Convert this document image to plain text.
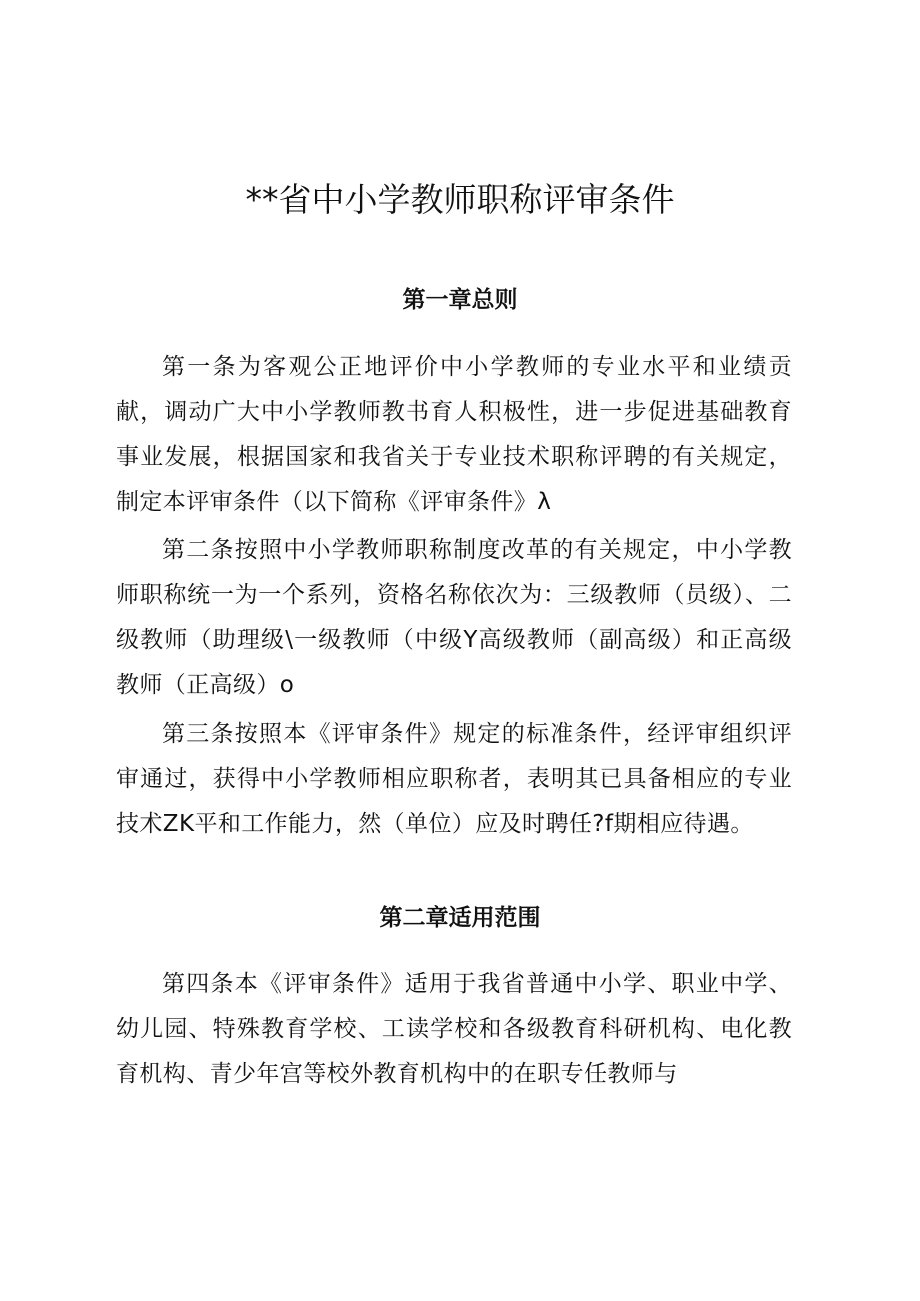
**省中小学教师职称评审条件
第一章总则

第一条为客观公正地评价中小学教师的专业水平和业绩贡献，调动广大中小学教师教书育人积极性，进一步促进基础教育事业发展，根据国家和我省关于专业技术职称评聘的有关规定，制定本评审条件（以下简称《评审条件》λ

第二条按照中小学教师职称制度改革的有关规定，中小学教师职称统一为一个系列，资格名称依次为：三级教师（员级）、二级教师（助理级\一级教师（中级Y高级教师（副高级）和正高级教师（正高级）o

第三条按照本《评审条件》规定的标准条件，经评审组织评审通过，获得中小学教师相应职称者，表明其已具备相应的专业技术ZK平和工作能力，然（单位）应及时聘任?f期相应待遇。

第二章适用范围

第四条本《评审条件》适用于我省普通中小学、职业中学、幼儿园、特殊教育学校、工读学校和各级教育科研机构、电化教育机构、青少年宫等校外教育机构中的在职专任教师与
